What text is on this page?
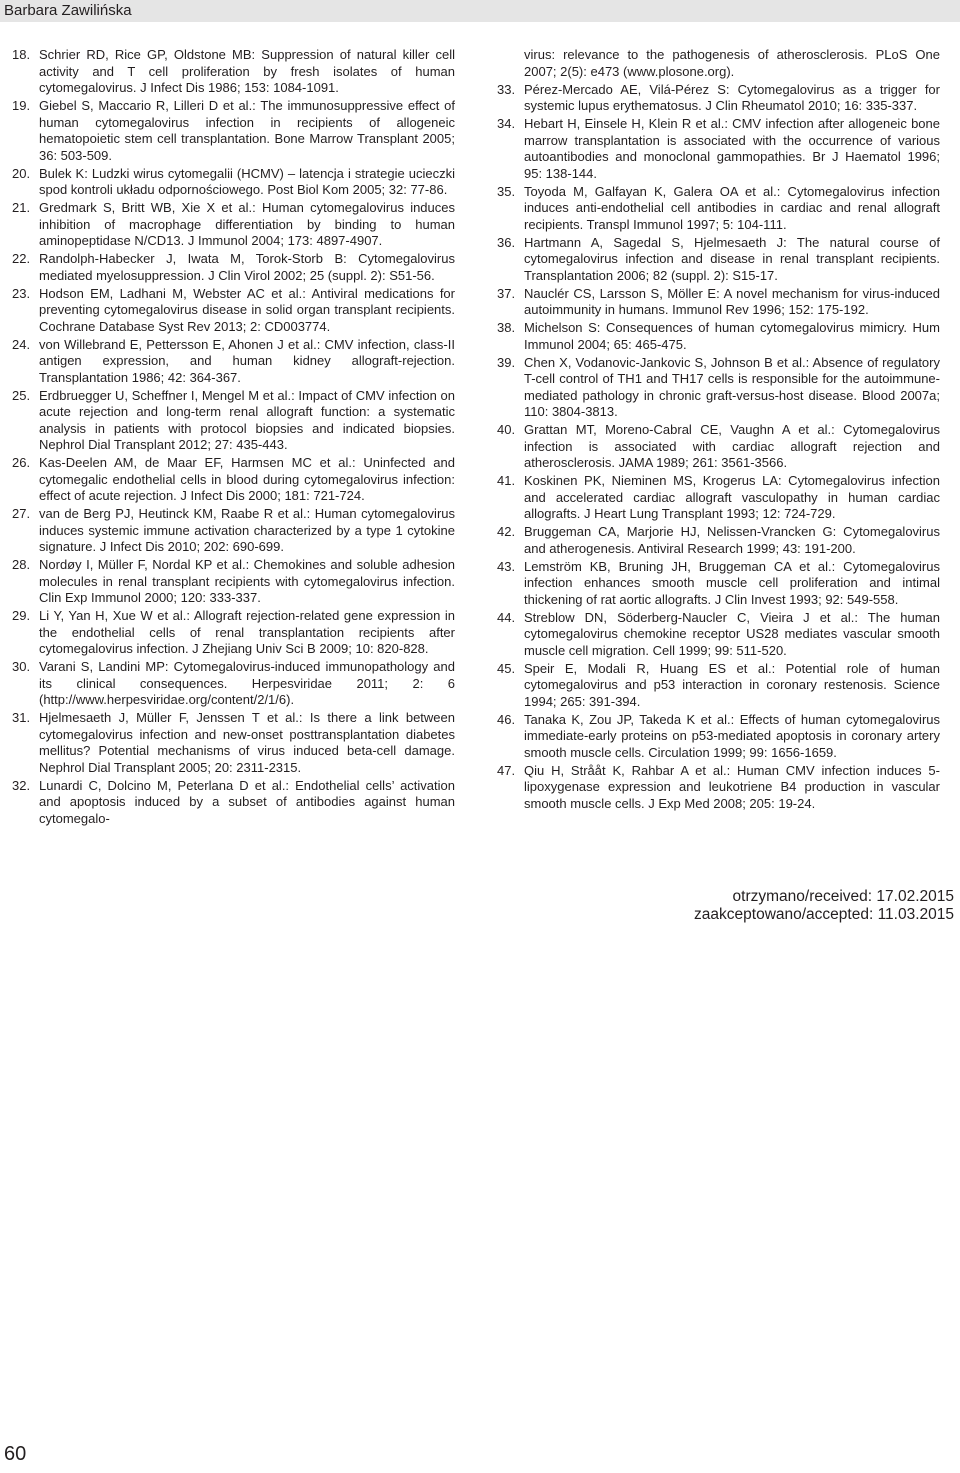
Barbara Zawilińska
18. Schrier RD, Rice GP, Oldstone MB: Suppression of natural killer cell activity and T cell proliferation by fresh isolates of human cytomegalovirus. J Infect Dis 1986; 153: 1084-1091.
19. Giebel S, Maccario R, Lilleri D et al.: The immunosuppressive effect of human cytomegalovirus infection in recipients of allogeneic hematopoietic stem cell transplantation. Bone Marrow Transplant 2005; 36: 503-509.
20. Bulek K: Ludzki wirus cytomegalii (HCMV) – latencja i strategie ucieczki spod kontroli układu odpornościowego. Post Biol Kom 2005; 32: 77-86.
21. Gredmark S, Britt WB, Xie X et al.: Human cytomegalovirus induces inhibition of macrophage differentiation by binding to human aminopeptidase N/CD13. J Immunol 2004; 173: 4897-4907.
22. Randolph-Habecker J, Iwata M, Torok-Storb B: Cytomegalovirus mediated myelosuppression. J Clin Virol 2002; 25 (suppl. 2): S51-56.
23. Hodson EM, Ladhani M, Webster AC et al.: Antiviral medications for preventing cytomegalovirus disease in solid organ transplant recipients. Cochrane Database Syst Rev 2013; 2: CD003774.
24. von Willebrand E, Pettersson E, Ahonen J et al.: CMV infection, class-II antigen expression, and human kidney allograft-rejection. Transplantation 1986; 42: 364-367.
25. Erdbruegger U, Scheffner I, Mengel M et al.: Impact of CMV infection on acute rejection and long-term renal allograft function: a systematic analysis in patients with protocol biopsies and indicated biopsies. Nephrol Dial Transplant 2012; 27: 435-443.
26. Kas-Deelen AM, de Maar EF, Harmsen MC et al.: Uninfected and cytomegalic endothelial cells in blood during cytomegalovirus infection: effect of acute rejection. J Infect Dis 2000; 181: 721-724.
27. van de Berg PJ, Heutinck KM, Raabe R et al.: Human cytomegalovirus induces systemic immune activation characterized by a type 1 cytokine signature. J Infect Dis 2010; 202: 690-699.
28. Nordøy I, Müller F, Nordal KP et al.: Chemokines and soluble adhesion molecules in renal transplant recipients with cytomegalovirus infection. Clin Exp Immunol 2000; 120: 333-337.
29. Li Y, Yan H, Xue W et al.: Allograft rejection-related gene expression in the endothelial cells of renal transplantation recipients after cytomegalovirus infection. J Zhejiang Univ Sci B 2009; 10: 820-828.
30. Varani S, Landini MP: Cytomegalovirus-induced immunopathology and its clinical consequences. Herpesviridae 2011; 2: 6 (http://www.herpesviridae.org/content/2/1/6).
31. Hjelmesaeth J, Müller F, Jenssen T et al.: Is there a link between cytomegalovirus infection and new-onset posttransplantation diabetes mellitus? Potential mechanisms of virus induced beta-cell damage. Nephrol Dial Transplant 2005; 20: 2311-2315.
32. Lunardi C, Dolcino M, Peterlana D et al.: Endothelial cells’ activation and apoptosis induced by a subset of antibodies against human cytomegalo-
virus: relevance to the pathogenesis of atherosclerosis. PLoS One 2007; 2(5): e473 (www.plosone.org).
33. Pérez-Mercado AE, Vilá-Pérez S: Cytomegalovirus as a trigger for systemic lupus erythematosus. J Clin Rheumatol 2010; 16: 335-337.
34. Hebart H, Einsele H, Klein R et al.: CMV infection after allogeneic bone marrow transplantation is associated with the occurrence of various autoantibodies and monoclonal gammopathies. Br J Haematol 1996; 95: 138-144.
35. Toyoda M, Galfayan K, Galera OA et al.: Cytomegalovirus infection induces anti-endothelial cell antibodies in cardiac and renal allograft recipients. Transpl Immunol 1997; 5: 104-111.
36. Hartmann A, Sagedal S, Hjelmesaeth J: The natural course of cytomegalovirus infection and disease in renal transplant recipients. Transplantation 2006; 82 (suppl. 2): S15-17.
37. Nauclér CS, Larsson S, Möller E: A novel mechanism for virus-induced autoimmunity in humans. Immunol Rev 1996; 152: 175-192.
38. Michelson S: Consequences of human cytomegalovirus mimicry. Hum Immunol 2004; 65: 465-475.
39. Chen X, Vodanovic-Jankovic S, Johnson B et al.: Absence of regulatory T-cell control of TH1 and TH17 cells is responsible for the autoimmune-mediated pathology in chronic graft-versus-host disease. Blood 2007a; 110: 3804-3813.
40. Grattan MT, Moreno-Cabral CE, Vaughn A et al.: Cytomegalovirus infection is associated with cardiac allograft rejection and atherosclerosis. JAMA 1989; 261: 3561-3566.
41. Koskinen PK, Nieminen MS, Krogerus LA: Cytomegalovirus infection and accelerated cardiac allograft vasculopathy in human cardiac allografts. J Heart Lung Transplant 1993; 12: 724-729.
42. Bruggeman CA, Marjorie HJ, Nelissen-Vrancken G: Cytomegalovirus and atherogenesis. Antiviral Research 1999; 43: 191-200.
43. Lemström KB, Bruning JH, Bruggeman CA et al.: Cytomegalovirus infection enhances smooth muscle cell proliferation and intimal thickening of rat aortic allografts. J Clin Invest 1993; 92: 549-558.
44. Streblow DN, Söderberg-Naucler C, Vieira J et al.: The human cytomegalovirus chemokine receptor US28 mediates vascular smooth muscle cell migration. Cell 1999; 99: 511-520.
45. Speir E, Modali R, Huang ES et al.: Potential role of human cytomegalovirus and p53 interaction in coronary restenosis. Science 1994; 265: 391-394.
46. Tanaka K, Zou JP, Takeda K et al.: Effects of human cytomegalovirus immediate-early proteins on p53-mediated apoptosis in coronary artery smooth muscle cells. Circulation 1999; 99: 1656-1659.
47. Qiu H, Strååt K, Rahbar A et al.: Human CMV infection induces 5-lipoxygenase expression and leukotriene B4 production in vascular smooth muscle cells. J Exp Med 2008; 205: 19-24.
otrzymano/received: 17.02.2015
zaakceptowano/accepted: 11.03.2015
60
